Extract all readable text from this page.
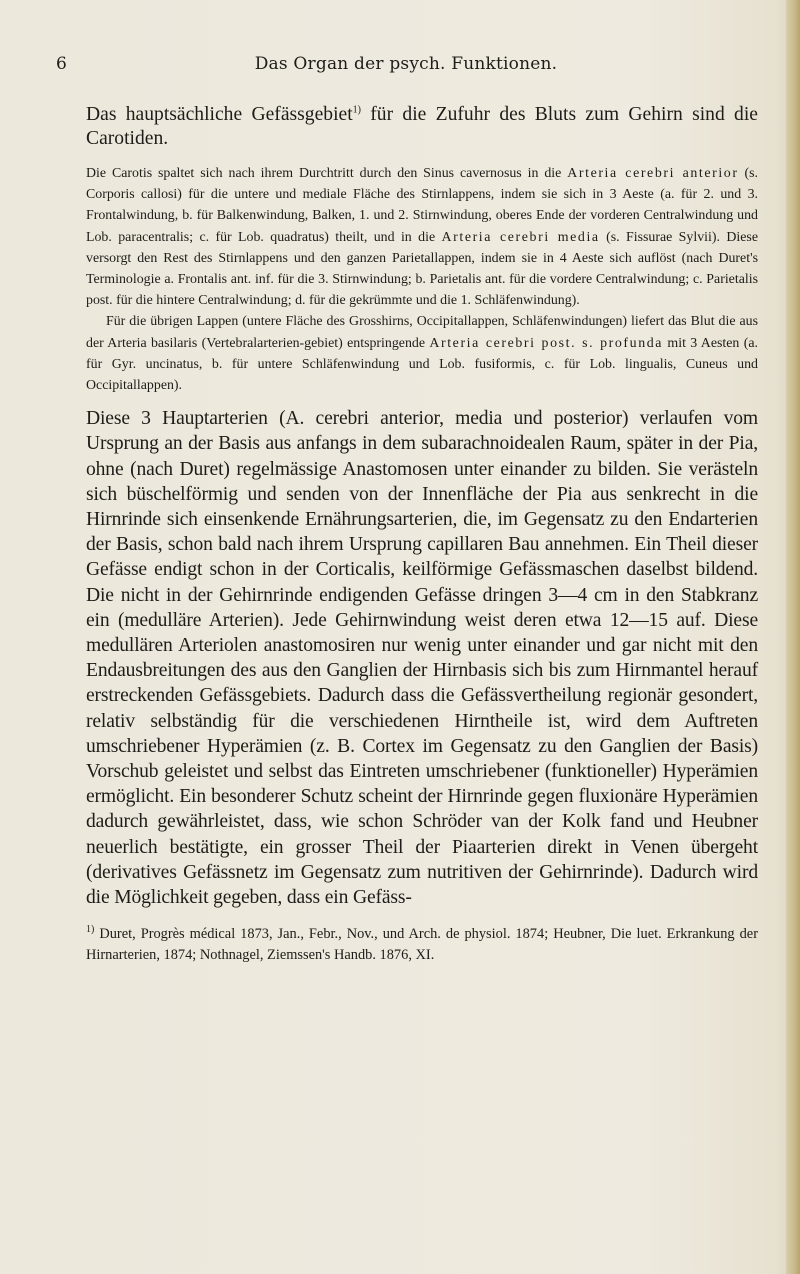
6	Das Organ der psych. Funktionen.

Das hauptsächliche Gefässgebiet$^{1)}$ für die Zufuhr des Bluts zum Gehirn sind die Carotiden.

Die Carotis spaltet sich nach ihrem Durchtritt durch den Sinus cavernosus in die Arteria cerebri anterior (s. Corporis callosi) für die untere und mediale Fläche des Stirnlappens, indem sie sich in 3 Aeste (a. für 2. und 3. Frontalwindung, b. für Balkenwindung, Balken, 1. und 2. Stirnwindung, oberes Ende der vorderen Centralwindung und Lob. paracentralis; c. für Lob. quadratus) theilt, und in die Arteria cerebri media (s. Fissurae Sylvii). Diese versorgt den Rest des Stirnlappens und den ganzen Parietallappen, indem sie in 4 Aeste sich auflöst (nach Duret's Terminologie a. Frontalis ant. inf. für die 3. Stirnwindung; b. Parietalis ant. für die vordere Centralwindung; c. Parietalis post. für die hintere Centralwindung; d. für die gekrümmte und die 1. Schläfenwindung).

Für die übrigen Lappen (untere Fläche des Grosshirns, Occipitallappen, Schläfenwindungen) liefert das Blut die aus der Arteria basilaris (Vertebralarterien-gebiet) entspringende Arteria cerebri post. s. profunda mit 3 Aesten (a. für Gyr. uncinatus, b. für untere Schläfenwindung und Lob. fusiformis, c. für Lob. lingualis, Cuneus und Occipitallappen).

Diese 3 Hauptarterien (A. cerebri anterior, media und posterior) verlaufen vom Ursprung an der Basis aus anfangs in dem subarachnoidealen Raum, später in der Pia, ohne (nach Duret) regelmässige Anastomosen unter einander zu bilden. Sie verästeln sich büschelförmig und senden von der Innenfläche der Pia aus senkrecht in die Hirnrinde sich einsenkende Ernährungsarterien, die, im Gegensatz zu den Endarterien der Basis, schon bald nach ihrem Ursprung capillaren Bau annehmen. Ein Theil dieser Gefässe endigt schon in der Corticalis, keilförmige Gefässmaschen daselbst bildend. Die nicht in der Gehirnrinde endigenden Gefässe dringen 3—4 cm in den Stabkranz ein (medulläre Arterien). Jede Gehirnwindung weist deren etwa 12—15 auf. Diese medullären Arteriolen anastomosiren nur wenig unter einander und gar nicht mit den Endausbreitungen des aus den Ganglien der Hirnbasis sich bis zum Hirnmantel herauf erstreckenden Gefässgebiets. Dadurch dass die Gefässvertheilung regionär gesondert, relativ selbständig für die verschiedenen Hirntheile ist, wird dem Auftreten umschriebener Hyperämien (z. B. Cortex im Gegensatz zu den Ganglien der Basis) Vorschub geleistet und selbst das Eintreten umschriebener (funktioneller) Hyperämien ermöglicht. Ein besonderer Schutz scheint der Hirnrinde gegen fluxionäre Hyperämien dadurch gewährleistet, dass, wie schon Schröder van der Kolk fand und Heubner neuerlich bestätigte, ein grosser Theil der Piaarterien direkt in Venen übergeht (derivatives Gefässnetz im Gegensatz zum nutritiven der Gehirnrinde). Dadurch wird die Möglichkeit gegeben, dass ein Gefäss-

$^{1)}$ Duret, Progrès médical 1873, Jan., Febr., Nov., und Arch. de physiol. 1874; Heubner, Die luet. Erkrankung der Hirnarterien, 1874; Nothnagel, Ziemssen's Handb. 1876, XI.
